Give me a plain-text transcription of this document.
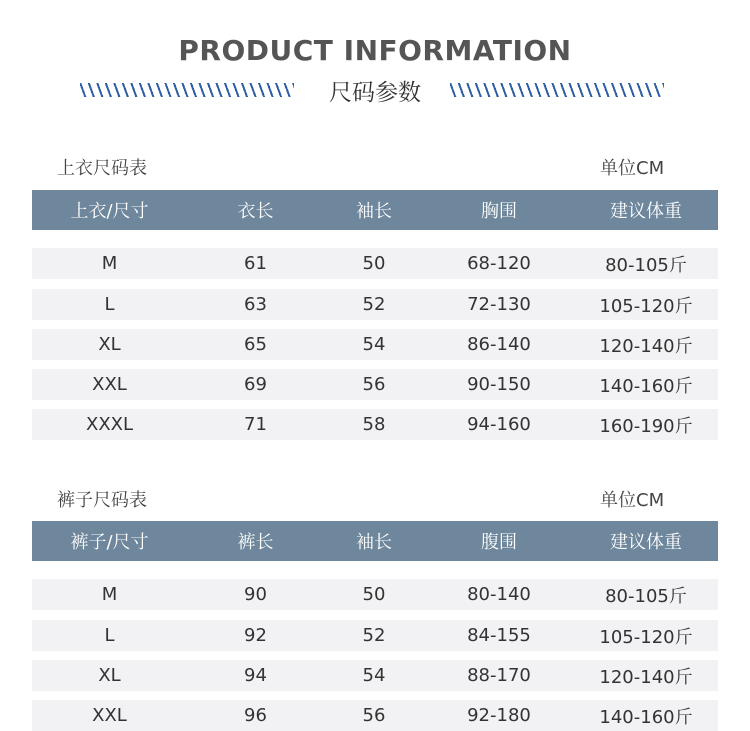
PRODUCT INFORMATION
尺码参数
上衣尺码表	单位CM
上衣/尺寸	衣长	袖长	胸围	建议体重
M	61	50	68-120	80-105斤
L	63	52	72-130	105-120斤
XL	65	54	86-140	120-140斤
XXL	69	56	90-150	140-160斤
XXXL	71	58	94-160	160-190斤
裤子尺码表	单位CM
裤子/尺寸	裤长	袖长	腹围	建议体重
M	90	50	80-140	80-105斤
L	92	52	84-155	105-120斤
XL	94	54	88-170	120-140斤
XXL	96	56	92-180	140-160斤
